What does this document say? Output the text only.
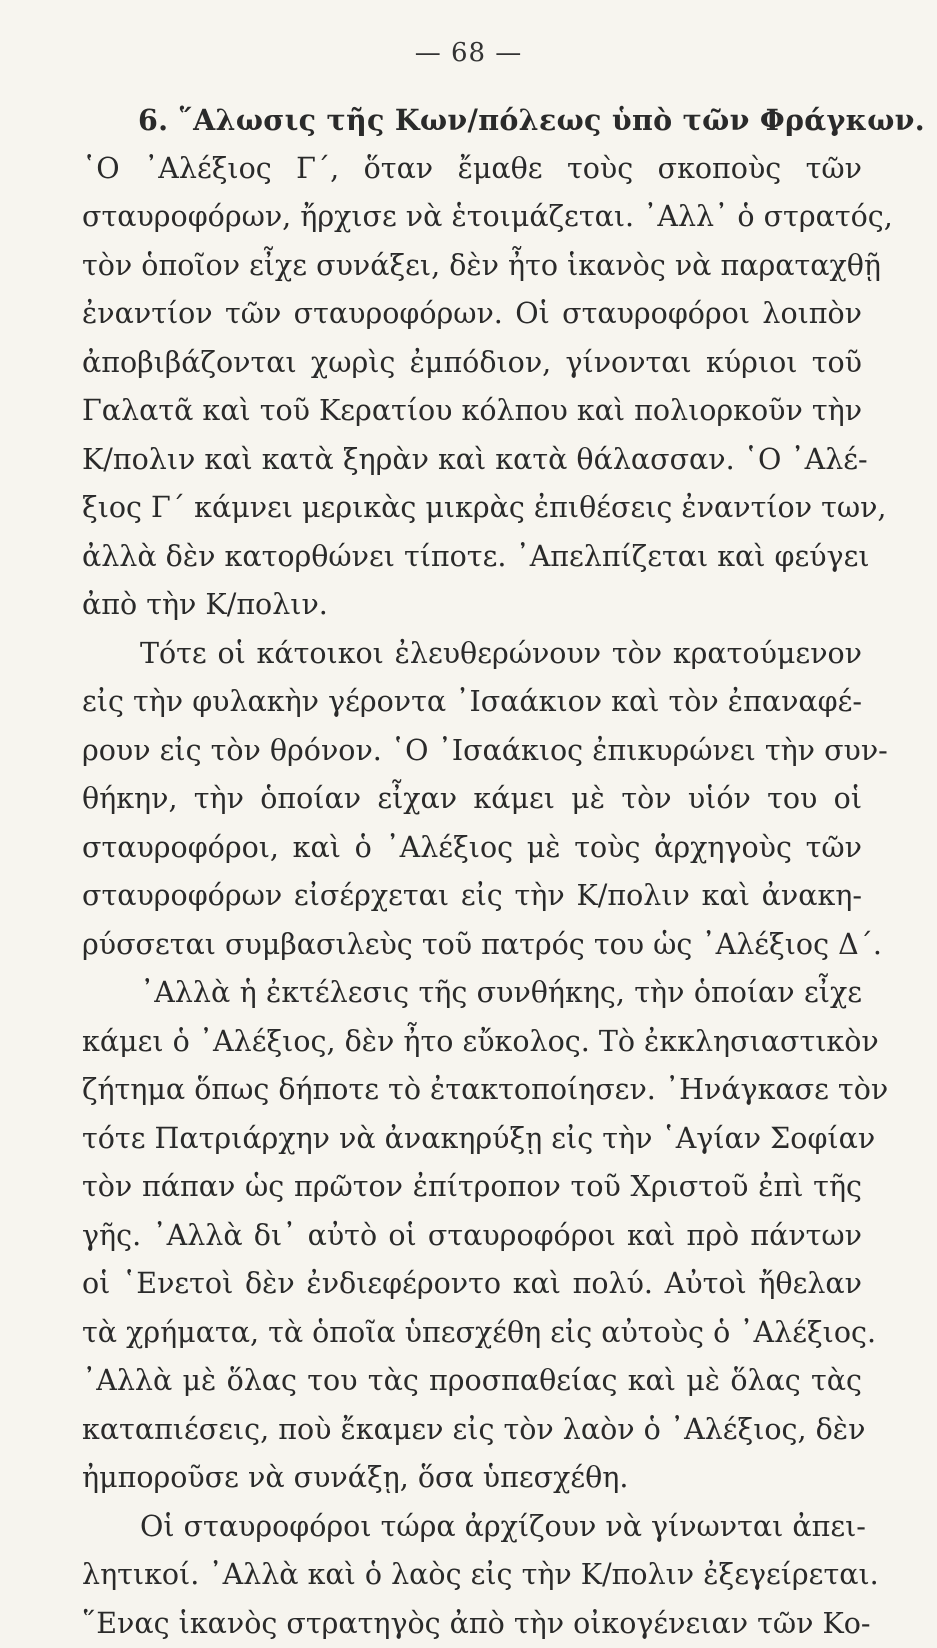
— 68 —
6. ῞Αλωσις τῆς Κων/πόλεως ὑπὸ τῶν Φράγκων.
῾Ο ᾿Αλέξιος Γ´, ὅταν ἔμαθε τοὺς σκοποὺς τῶν
σταυροφόρων, ἤρχισε νὰ ἑτοιμάζεται. ᾿Αλλ᾿ ὁ στρατός,
τὸν ὁποῖον εἶχε συνάξει, δὲν ἦτο ἱκανὸς νὰ παραταχθῇ
ἐναντίον τῶν σταυροφόρων. Οἱ σταυροφόροι λοιπὸν
ἀποβιβάζονται χωρὶς ἐμπόδιον, γίνονται κύριοι τοῦ
Γαλατᾶ καὶ τοῦ Κερατίου κόλπου καὶ πολιορκοῦν τὴν
Κ/πολιν καὶ κατὰ ξηρὰν καὶ κατὰ θάλασσαν. ῾Ο ᾿Αλέ-
ξιος Γ´ κάμνει μερικὰς μικρὰς ἐπιθέσεις ἐναντίον των,
ἀλλὰ δὲν κατορθώνει τίποτε. ᾿Απελπίζεται καὶ φεύγει
ἀπὸ τὴν Κ/πολιν.
Τότε οἱ κάτοικοι ἐλευθερώνουν τὸν κρατούμενον
εἰς τὴν φυλακὴν γέροντα ᾿Ισαάκιον καὶ τὸν ἐπαναφέ-
ρουν εἰς τὸν θρόνον. ῾Ο ᾿Ισαάκιος ἐπικυρώνει τὴν συν-
θήκην, τὴν ὁποίαν εἶχαν κάμει μὲ τὸν υἱόν του οἱ
σταυροφόροι, καὶ ὁ ᾿Αλέξιος μὲ τοὺς ἀρχηγοὺς τῶν
σταυροφόρων εἰσέρχεται εἰς τὴν Κ/πολιν καὶ ἀνακη-
ρύσσεται συμβασιλεὺς τοῦ πατρός του ὡς ᾿Αλέξιος Δ´.
᾿Αλλὰ ἡ ἐκτέλεσις τῆς συνθήκης, τὴν ὁποίαν εἶχε
κάμει ὁ ᾿Αλέξιος, δὲν ἦτο εὔκολος. Τὸ ἐκκλησιαστικὸν
ζήτημα ὅπως δήποτε τὸ ἐτακτοποίησεν. ᾿Ηνάγκασε τὸν
τότε Πατριάρχην νὰ ἀνακηρύξῃ εἰς τὴν ῾Αγίαν Σοφίαν
τὸν πάπαν ὡς πρῶτον ἐπίτροπον τοῦ Χριστοῦ ἐπὶ τῆς
γῆς. ᾿Αλλὰ δι᾿ αὐτὸ οἱ σταυροφόροι καὶ πρὸ πάντων
οἱ ῾Ενετοὶ δὲν ἐνδιεφέροντο καὶ πολύ. Αὐτοὶ ἤθελαν
τὰ χρήματα, τὰ ὁποῖα ὑπεσχέθη εἰς αὐτοὺς ὁ ᾿Αλέξιος.
᾿Αλλὰ μὲ ὅλας του τὰς προσπαθείας καὶ μὲ ὅλας τὰς
καταπιέσεις, ποὺ ἔκαμεν εἰς τὸν λαὸν ὁ ᾿Αλέξιος, δὲν
ἠμποροῦσε νὰ συνάξῃ, ὅσα ὑπεσχέθη.
Οἱ σταυροφόροι τώρα ἀρχίζουν νὰ γίνωνται ἀπει-
λητικοί. ᾿Αλλὰ καὶ ὁ λαὸς εἰς τὴν Κ/πολιν ἐξεγείρεται.
῞Ενας ἱκανὸς στρατηγὸς ἀπὸ τὴν οἰκογένειαν τῶν Κο-
